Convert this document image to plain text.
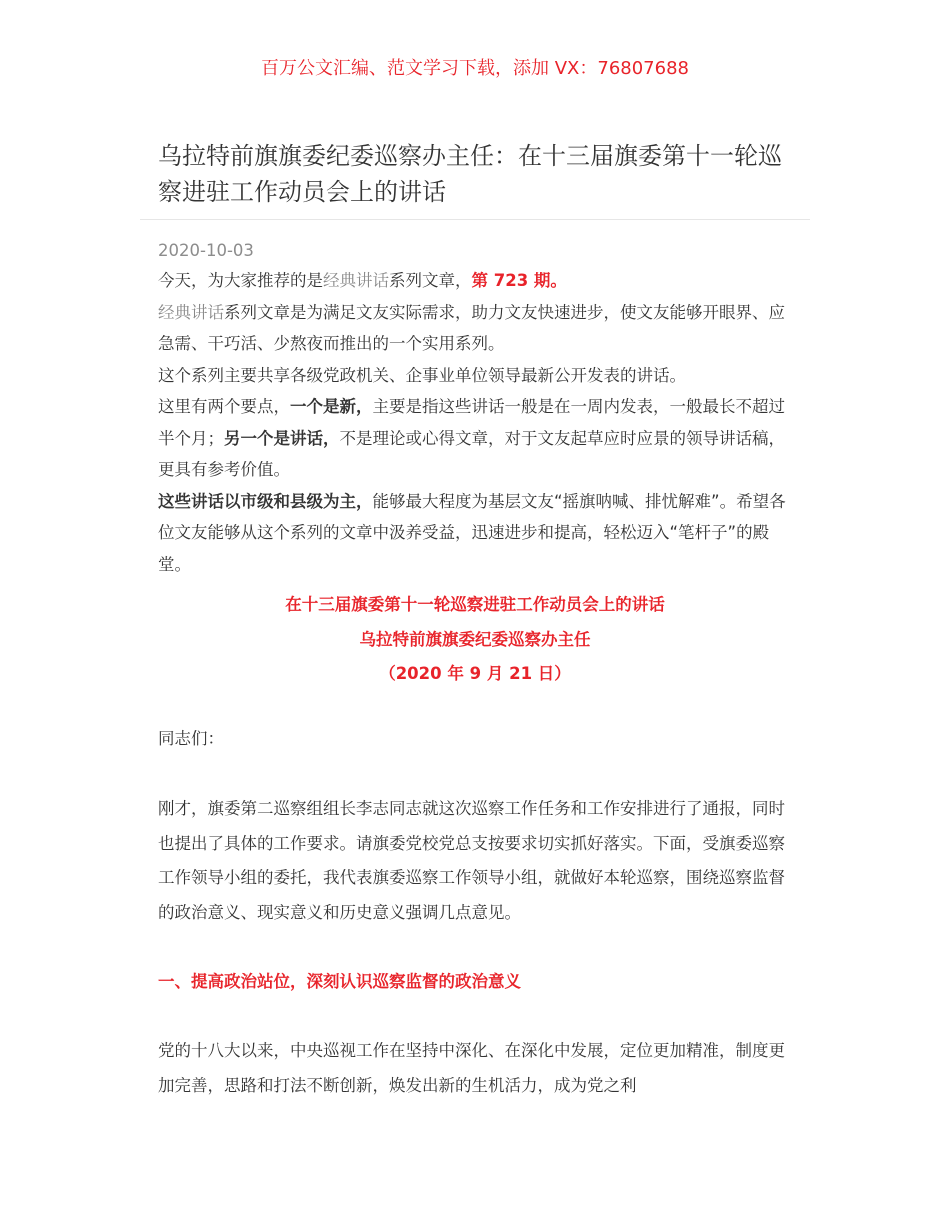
百万公文汇编、范文学习下载，添加 VX：76807688
乌拉特前旗旗委纪委巡察办主任：在十三届旗委第十一轮巡察进驻工作动员会上的讲话
2020-10-03

今天，为大家推荐的是经典讲话系列文章，第 723 期。

经典讲话系列文章是为满足文友实际需求，助力文友快速进步，使文友能够开眼界、应急需、干巧活、少熬夜而推出的一个实用系列。

这个系列主要共享各级党政机关、企事业单位领导最新公开发表的讲话。

这里有两个要点，一个是新，主要是指这些讲话一般是在一周内发表，一般最长不超过半个月；另一个是讲话，不是理论或心得文章，对于文友起草应时应景的领导讲话稿，更具有参考价值。

这些讲话以市级和县级为主，能够最大程度为基层文友“摇旗呐喊、排忧解难”。希望各位文友能够从这个系列的文章中汲养受益，迅速进步和提高，轻松迈入“笔杆子”的殿堂。

在十三届旗委第十一轮巡察进驻工作动员会上的讲话
乌拉特前旗旗委纪委巡察办主任
（2020 年 9 月 21 日）

同志们：

刚才，旗委第二巡察组组长李志同志就这次巡察工作任务和工作安排进行了通报，同时也提出了具体的工作要求。请旗委党校党总支按要求切实抓好落实。下面，受旗委巡察工作领导小组的委托，我代表旗委巡察工作领导小组，就做好本轮巡察，围绕巡察监督的政治意义、现实意义和历史意义强调几点意见。

一、提高政治站位，深刻认识巡察监督的政治意义

党的十八大以来，中央巡视工作在坚持中深化、在深化中发展，定位更加精准，制度更加完善，思路和打法不断创新，焕发出新的生机活力，成为党之利
